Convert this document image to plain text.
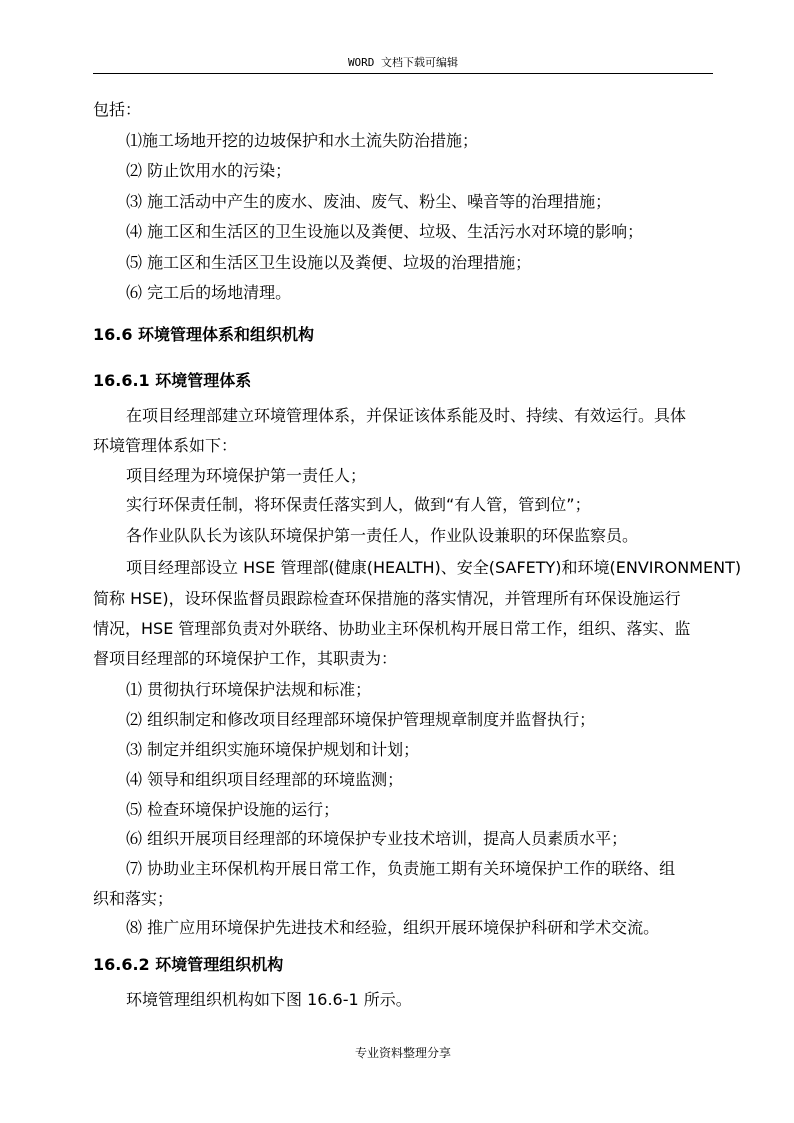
WORD 文档下载可编辑
包括：
⑴施工场地开挖的边坡保护和水土流失防治措施；
⑵ 防止饮用水的污染；
⑶ 施工活动中产生的废水、废油、废气、粉尘、噪音等的治理措施；
⑷ 施工区和生活区的卫生设施以及粪便、垃圾、生活污水对环境的影响；
⑸ 施工区和生活区卫生设施以及粪便、垃圾的治理措施；
⑹ 完工后的场地清理。
16.6 环境管理体系和组织机构
16.6.1 环境管理体系
在项目经理部建立环境管理体系，并保证该体系能及时、持续、有效运行。具体
环境管理体系如下：
项目经理为环境保护第一责任人；
实行环保责任制，将环保责任落实到人，做到“有人管，管到位”；
各作业队队长为该队环境保护第一责任人，作业队设兼职的环保监察员。
项目经理部设立 HSE 管理部(健康(HEALTH)、安全(SAFETY)和环境(ENVIRONMENT)
简称 HSE)，设环保监督员跟踪检查环保措施的落实情况，并管理所有环保设施运行
情况，HSE 管理部负责对外联络、协助业主环保机构开展日常工作，组织、落实、监
督项目经理部的环境保护工作，其职责为：
⑴ 贯彻执行环境保护法规和标准；
⑵ 组织制定和修改项目经理部环境保护管理规章制度并监督执行；
⑶ 制定并组织实施环境保护规划和计划；
⑷ 领导和组织项目经理部的环境监测；
⑸ 检查环境保护设施的运行；
⑹ 组织开展项目经理部的环境保护专业技术培训，提高人员素质水平；
⑺ 协助业主环保机构开展日常工作，负责施工期有关环境保护工作的联络、组
织和落实；
⑻ 推广应用环境保护先进技术和经验，组织开展环境保护科研和学术交流。
16.6.2 环境管理组织机构
环境管理组织机构如下图 16.6-1 所示。
专业资料整理分享
